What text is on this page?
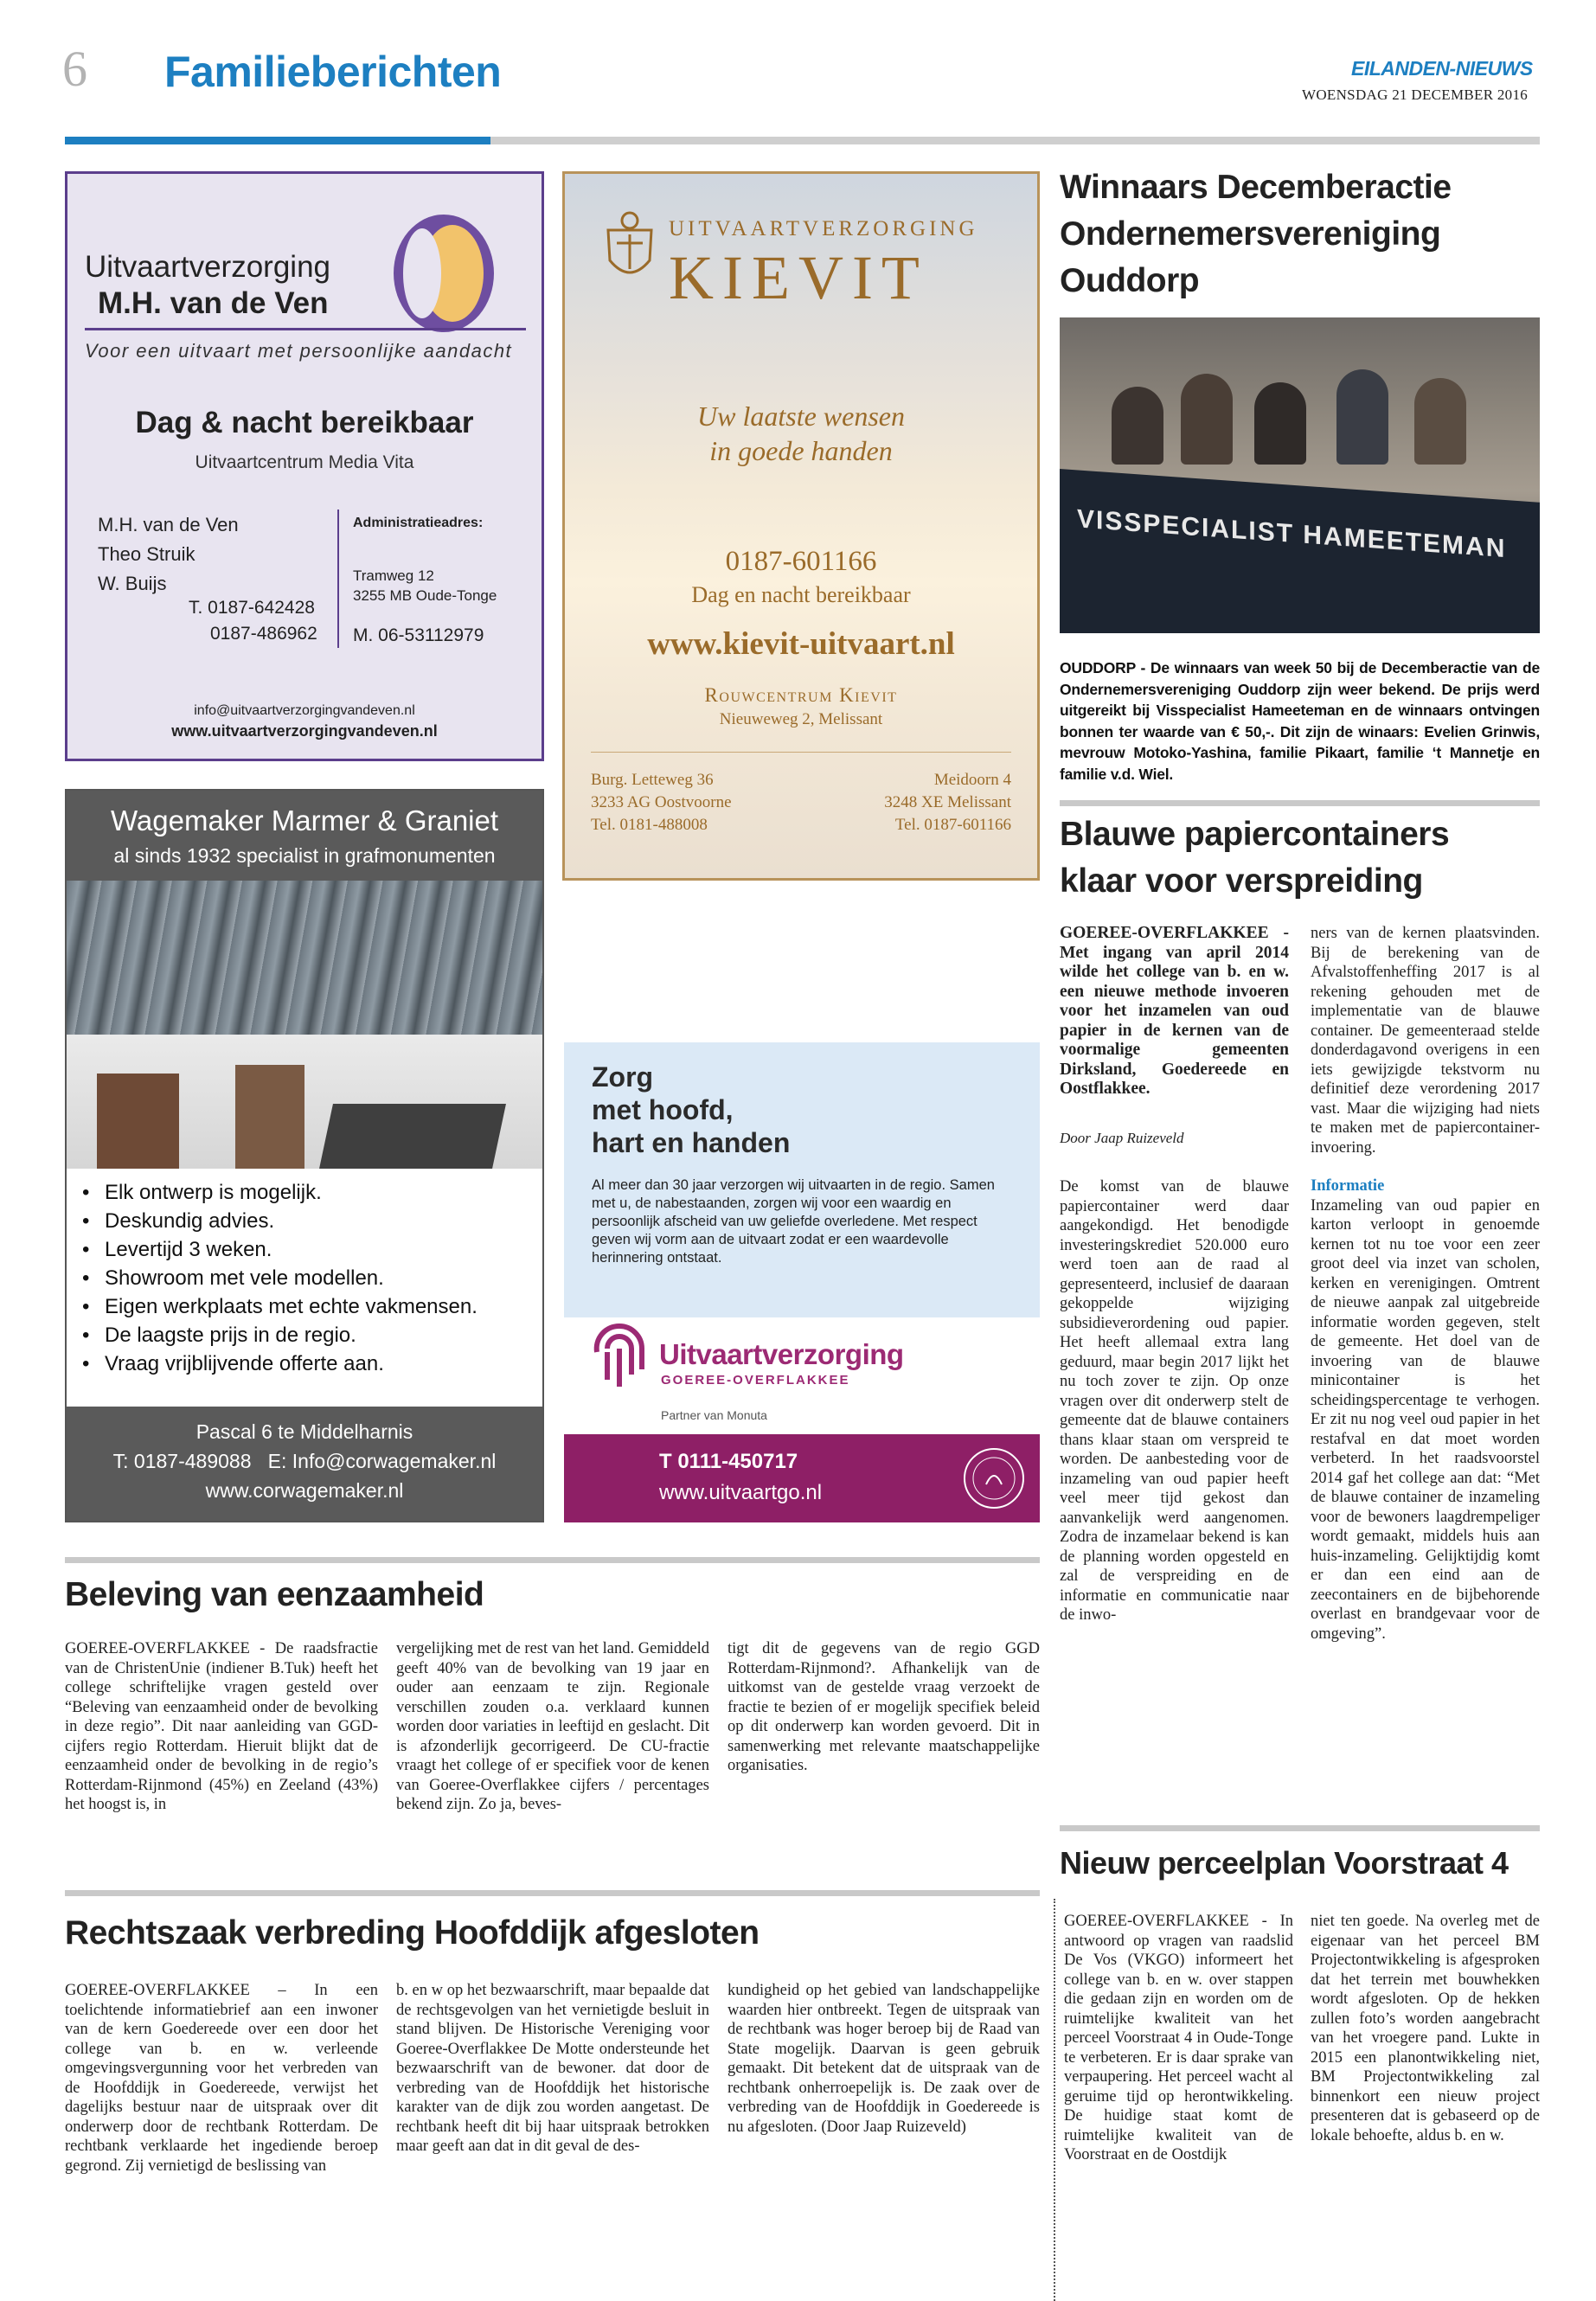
6 Familieberichten	EILANDEN-NIEUWS
WOENSDAG 21 DECEMBER 2016
Uitvaartverzorging
M.H. van de Ven
Voor een uitvaart met persoonlijke aandacht
Dag & nacht bereikbaar
Uitvaartcentrum Media Vita
M.H. van de Ven
Theo Struik
W. Buijs
T. 0187-642428
0187-486962
Administratieadres:
Tramweg 12
3255 MB Oude-Tonge
M. 06-53112979
info@uitvaartverzorgingvandeven.nl
www.uitvaartverzorgingvandeven.nl
UITVAARTVERZORGING
KIEVIT
Uw laatste wensen
in goede handen
0187-601166
Dag en nacht bereikbaar
www.kievit-uitvaart.nl
Rouwcentrum Kievit
Nieuweweg 2, Melissant
Burg. Letteweg 36
3233 AG Oostvoorne
Tel. 0181-488008
Meidoorn 4
3248 XE Melissant
Tel. 0187-601166
Winnaars Decemberactie Ondernemersvereniging Ouddorp
VISSPECIALIST HAMEETEMAN
OUDDORP - De winnaars van week 50 bij de Decemberactie van de Ondernemersvereniging Ouddorp zijn weer bekend. De prijs werd uitgereikt bij Visspecialist Hameeteman en de winnaars ontvingen bonnen ter waarde van € 50,-. Dit zijn de winaars: Evelien Grinwis, mevrouw Motoko-Yashina, familie Pikaart, familie ‘t Mannetje en familie v.d. Wiel.
Blauwe papiercontainers klaar voor verspreiding

GOEREE-OVERFLAKKEE - Met ingang van april 2014 wilde het college van b. en w. een nieuwe methode invoeren voor het inzamelen van oud papier in de kernen van de voormalige gemeenten Dirksland, Goedereede en Oostflakkee.

Door Jaap Ruizeveld

De komst van de blauwe papiercontainer werd daar aangekondigd. Het benodigde investeringskrediet 520.000 euro werd toen aan de raad al gepresenteerd, inclusief de daaraan gekoppelde wijziging subsidieverordening oud papier. Het heeft allemaal extra lang geduurd, maar begin 2017 lijkt het nu toch zover te zijn. Op onze vragen over dit onderwerp stelt de gemeente dat de blauwe containers thans klaar staan om verspreid te worden. De aanbesteding voor de inzameling van oud papier heeft veel meer tijd gekost dan aanvankelijk werd aangenomen. Zodra de inzamelaar bekend is kan de planning worden opgesteld en zal de verspreiding en de informatie en communicatie naar de inwo-

ners van de kernen plaatsvinden. Bij de berekening van de Afvalstoffenheffing 2017 is al rekening gehouden met de implementatie van de blauwe container. De gemeenteraad stelde donderdagavond overigens in een iets gewijzigde tekstvorm nu definitief deze verordening 2017 vast. Maar die wijziging had niets te maken met de papiercontainer-invoering.

Informatie

Inzameling van oud papier en karton verloopt in genoemde kernen tot nu toe voor een zeer groot deel via inzet van scholen, kerken en verenigingen. Omtrent de nieuwe aanpak zal uitgebreide informatie worden gegeven, stelt de gemeente. Het doel van de invoering van de blauwe minicontainer is het scheidingspercentage te verhogen. Er zit nu nog veel oud papier in het restafval en dat moet worden verbeterd. In het raadsvoorstel 2014 gaf het college aan dat: “Met de blauwe container de inzameling voor de bewoners laagdrempeliger wordt gemaakt, middels huis aan huis-inzameling. Gelijktijdig komt er dan een eind aan de zeecontainers en de bijbehorende overlast en brandgevaar voor de omgeving”.

Wagemaker Marmer & Graniet
al sinds 1932 specialist in grafmonumenten
• Elk ontwerp is mogelijk.
• Deskundig advies.
• Levertijd 3 weken.
• Showroom met vele modellen.
• Eigen werkplaats met echte vakmensen.
• De laagste prijs in de regio.
• Vraag vrijblijvende offerte aan.
Pascal 6 te Middelharnis
T: 0187-489088   E: Info@corwagemaker.nl
www.corwagemaker.nl
Zorg
met hoofd,
hart en handen
Al meer dan 30 jaar verzorgen wij uitvaarten in de regio. Samen met u, de nabestaanden, zorgen wij voor een waardig en persoonlijk afscheid van uw geliefde overledene. Met respect geven wij vorm aan de uitvaart zodat er een waardevolle herinnering ontstaat.
Uitvaartverzorging
GOEREE-OVERFLAKKEE
Partner van Monuta
T 0111-450717
www.uitvaartgo.nl
Beleving van eenzaamheid

GOEREE-OVERFLAKKEE - De raadsfractie van de ChristenUnie (indiener B.Tuk) heeft het college schriftelijke vragen gesteld over “Beleving van eenzaamheid onder de bevolking in deze regio”. Dit naar aanleiding van GGD-cijfers regio Rotterdam. Hieruit blijkt dat de eenzaamheid onder de bevolking in de regio’s Rotterdam-Rijnmond (45%) en Zeeland (43%) het hoogst is, in

vergelijking met de rest van het land. Gemiddeld geeft 40% van de bevolking van 19 jaar en ouder aan eenzaam te zijn. Regionale verschillen zouden o.a. verklaard kunnen worden door variaties in leeftijd en geslacht. Dit is afzonderlijk gecorrigeerd. De CU-fractie vraagt het college of er specifiek voor de kenen van Goeree-Overflakkee cijfers / percentages bekend zijn. Zo ja, beves-

tigt dit de gegevens van de regio GGD Rotterdam-Rijnmond?. Afhankelijk van de uitkomst van de gestelde vraag verzoekt de fractie te bezien of er mogelijk specifiek beleid op dit onderwerp kan worden gevoerd. Dit in samenwerking met relevante maatschappelijke organisaties.

Rechtszaak verbreding Hoofddijk afgesloten

GOEREE-OVERFLAKKEE – In een toelichtende informatiebrief aan een inwoner van de kern Goedereede over een door het college van b. en w. verleende omgevingsvergunning voor het verbreden van de Hoofddijk in Goedereede, verwijst het dagelijks bestuur naar de uitspraak over dit onderwerp door de rechtbank Rotterdam. De rechtbank verklaarde het ingediende beroep gegrond. Zij vernietigd de beslissing van

b. en w op het bezwaarschrift, maar bepaalde dat de rechtsgevolgen van het vernietigde besluit in stand blijven. De Historische Vereniging voor Goeree-Overflakkee De Motte ondersteunde het bezwaarschrift van de bewoner. dat door de verbreding van de Hoofddijk het historische karakter van de dijk zou worden aangetast. De rechtbank heeft dit bij haar uitspraak betrokken maar geeft aan dat in dit geval de des-

kundigheid op het gebied van landschappelijke waarden hier ontbreekt. Tegen de uitspraak van de rechtbank was hoger beroep bij de Raad van State mogelijk. Daarvan is geen gebruik gemaakt. Dit betekent dat de uitspraak van de rechtbank onherroepelijk is. De zaak over de verbreding van de Hoofddijk in Goedereede is nu afgesloten. (Door Jaap Ruizeveld)

Nieuw perceelplan Voorstraat 4

GOEREE-OVERFLAKKEE - In antwoord op vragen van raadslid De Vos (VKGO) informeert het college van b. en w. over stappen die gedaan zijn en worden om de ruimtelijke kwaliteit van het perceel Voorstraat 4 in Oude-Tonge te verbeteren. Er is daar sprake van verpaupering. Het perceel wacht al geruime tijd op herontwikkeling. De huidige staat komt de ruimtelijke kwaliteit van de Voorstraat en de Oostdijk

niet ten goede. Na overleg met de eigenaar van het perceel BM Projectontwikkeling is afgesproken dat het terrein met bouwhekken wordt afgesloten. Op de hekken zullen foto’s worden aangebracht van het vroegere pand. Lukte in 2015 een planontwikkeling niet, BM Projectontwikkeling zal binnenkort een nieuw project presenteren dat is gebaseerd op de lokale behoefte, aldus b. en w.
